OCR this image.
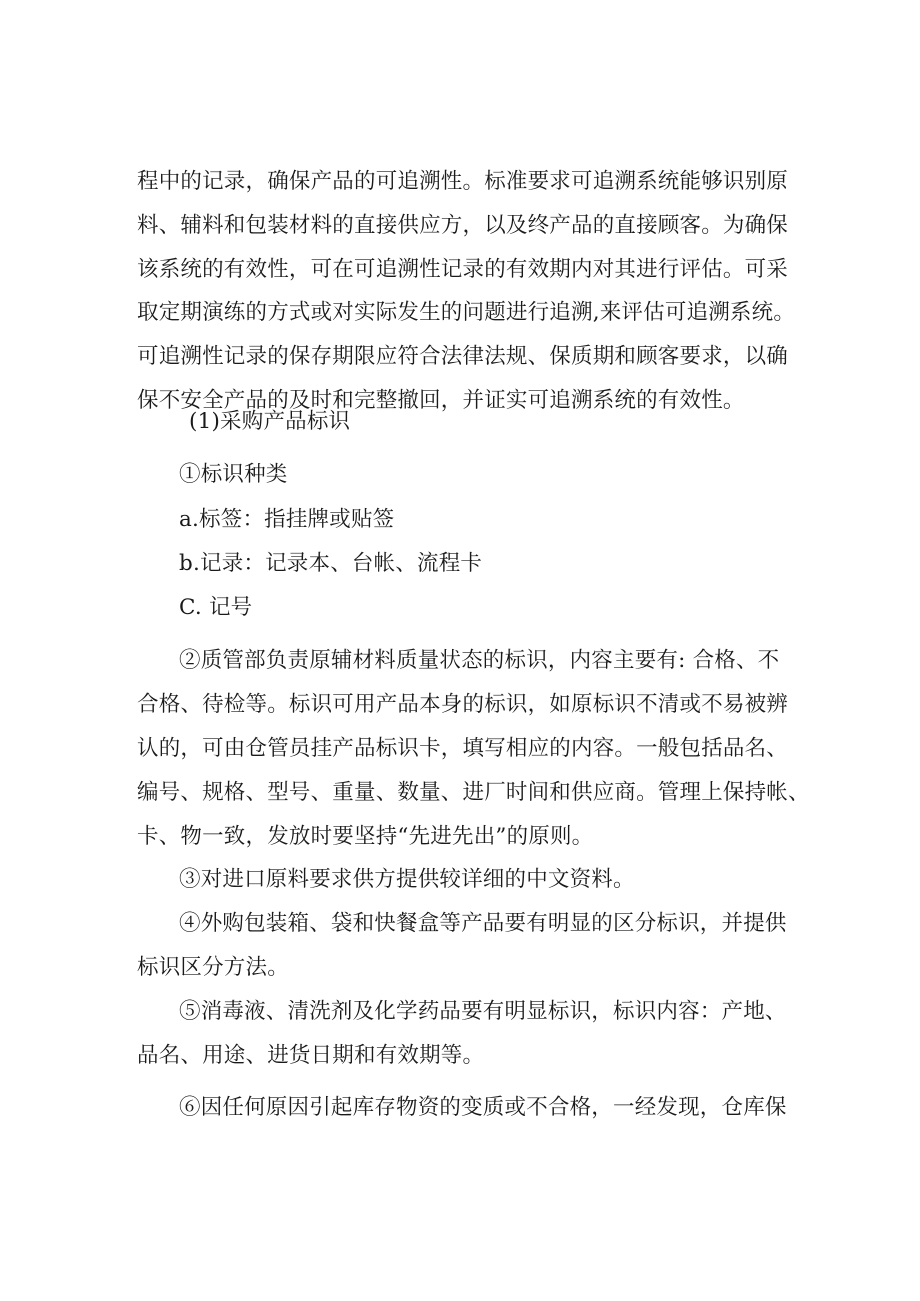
程中的记录，确保产品的可追溯性。标准要求可追溯系统能够识别原
料、辅料和包装材料的直接供应方，以及终产品的直接顾客。为确保
该系统的有效性，可在可追溯性记录的有效期内对其进行评估。可采
取定期演练的方式或对实际发生的问题进行追溯,来评估可追溯系统。
可追溯性记录的保存期限应符合法律法规、保质期和顾客要求，以确
保不安全产品的及时和完整撤回，并证实可追溯系统的有效性。
(1)采购产品标识
①标识种类
a.标签：指挂牌或贴签
b.记录：记录本、台帐、流程卡
C. 记号
②质管部负责原辅材料质量状态的标识，内容主要有: 合格、不
合格、待检等。标识可用产品本身的标识，如原标识不清或不易被辨
认的，可由仓管员挂产品标识卡，填写相应的内容。一般包括品名、
编号、规格、型号、重量、数量、进厂时间和供应商。管理上保持帐、
卡、物一致，发放时要坚持“先进先出”的原则。
③对进口原料要求供方提供较详细的中文资料。
④外购包装箱、袋和快餐盒等产品要有明显的区分标识，并提供
标识区分方法。
⑤消毒液、清洗剂及化学药品要有明显标识，标识内容：产地、
品名、用途、进货日期和有效期等。
⑥因任何原因引起库存物资的变质或不合格，一经发现，仓库保
